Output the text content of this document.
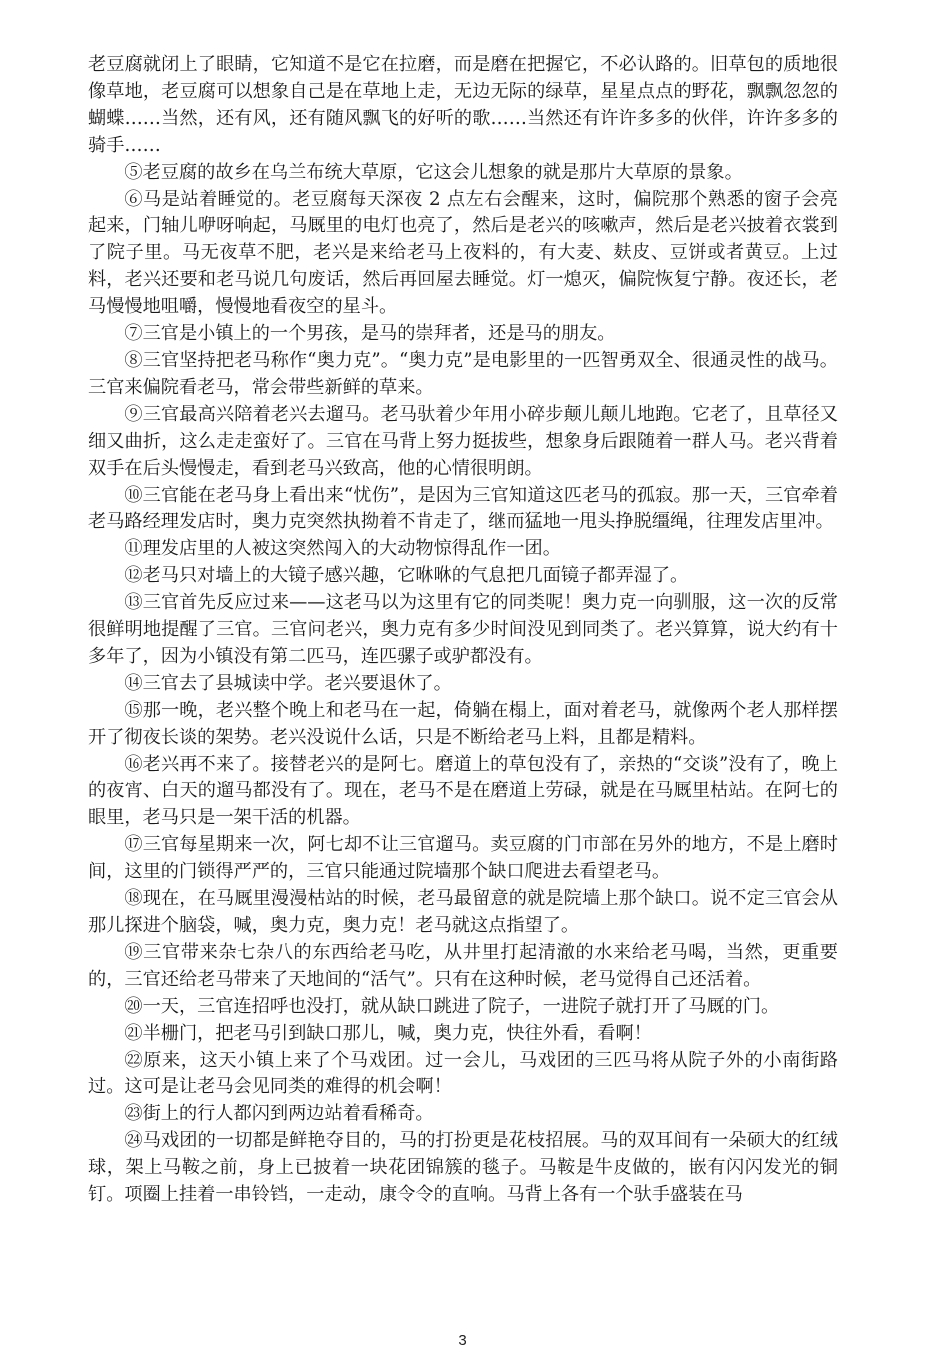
老豆腐就闭上了眼睛，它知道不是它在拉磨，而是磨在把握它，不必认路的。旧草包的质地很像草地，老豆腐可以想象自己是在草地上走，无边无际的绿草，星星点点的野花，飘飘忽忽的蝴蝶……当然，还有风，还有随风飘飞的好听的歌……当然还有许许多多的伙伴，许许多多的骑手……

⑤老豆腐的故乡在乌兰布统大草原，它这会儿想象的就是那片大草原的景象。

⑥马是站着睡觉的。老豆腐每天深夜 2 点左右会醒来，这时，偏院那个熟悉的窗子会亮起来，门轴儿咿呀响起，马厩里的电灯也亮了，然后是老兴的咳嗽声，然后是老兴披着衣裳到了院子里。马无夜草不肥，老兴是来给老马上夜料的，有大麦、麸皮、豆饼或者黄豆。上过料，老兴还要和老马说几句废话，然后再回屋去睡觉。灯一熄灭，偏院恢复宁静。夜还长，老马慢慢地咀嚼，慢慢地看夜空的星斗。

⑦三官是小镇上的一个男孩，是马的崇拜者，还是马的朋友。

⑧三官坚持把老马称作“奥力克”。“奥力克”是电影里的一匹智勇双全、很通灵性的战马。三官来偏院看老马，常会带些新鲜的草来。

⑨三官最高兴陪着老兴去遛马。老马驮着少年用小碎步颠儿颠儿地跑。它老了，且草径又细又曲折，这么走走蛮好了。三官在马背上努力挺拔些，想象身后跟随着一群人马。老兴背着双手在后头慢慢走，看到老马兴致高，他的心情很明朗。

⑩三官能在老马身上看出来“忧伤”，是因为三官知道这匹老马的孤寂。那一天，三官牵着老马路经理发店时，奥力克突然执拗着不肯走了，继而猛地一甩头挣脱缰绳，往理发店里冲。

⑪理发店里的人被这突然闯入的大动物惊得乱作一团。

⑫老马只对墙上的大镜子感兴趣，它咻咻的气息把几面镜子都弄湿了。

⑬三官首先反应过来——这老马以为这里有它的同类呢！奥力克一向驯服，这一次的反常很鲜明地提醒了三官。三官问老兴，奥力克有多少时间没见到同类了。老兴算算，说大约有十多年了，因为小镇没有第二匹马，连匹骡子或驴都没有。

⑭三官去了县城读中学。老兴要退休了。

⑮那一晚，老兴整个晚上和老马在一起，倚躺在榻上，面对着老马，就像两个老人那样摆开了彻夜长谈的架势。老兴没说什么话，只是不断给老马上料，且都是精料。

⑯老兴再不来了。接替老兴的是阿七。磨道上的草包没有了，亲热的“交谈”没有了，晚上的夜宵、白天的遛马都没有了。现在，老马不是在磨道上劳碌，就是在马厩里枯站。在阿七的眼里，老马只是一架干活的机器。

⑰三官每星期来一次，阿七却不让三官遛马。卖豆腐的门市部在另外的地方，不是上磨时间，这里的门锁得严严的，三官只能通过院墙那个缺口爬进去看望老马。

⑱现在，在马厩里漫漫枯站的时候，老马最留意的就是院墙上那个缺口。说不定三官会从那儿探进个脑袋，喊，奥力克，奥力克！老马就这点指望了。

⑲三官带来杂七杂八的东西给老马吃，从井里打起清澈的水来给老马喝，当然，更重要的，三官还给老马带来了天地间的“活气”。只有在这种时候，老马觉得自己还活着。

⑳一天，三官连招呼也没打，就从缺口跳进了院子，一进院子就打开了马厩的门。

㉑半栅门，把老马引到缺口那儿，喊，奥力克，快往外看，看啊！

㉒原来，这天小镇上来了个马戏团。过一会儿，马戏团的三匹马将从院子外的小南街路过。这可是让老马会见同类的难得的机会啊！

㉓街上的行人都闪到两边站着看稀奇。

㉔马戏团的一切都是鲜艳夺目的，马的打扮更是花枝招展。马的双耳间有一朵硕大的红绒球，架上马鞍之前，身上已披着一块花团锦簇的毯子。马鞍是牛皮做的，嵌有闪闪发光的铜钉。项圈上挂着一串铃铛，一走动，康令令的直响。马背上各有一个驮手盛装在马

3
